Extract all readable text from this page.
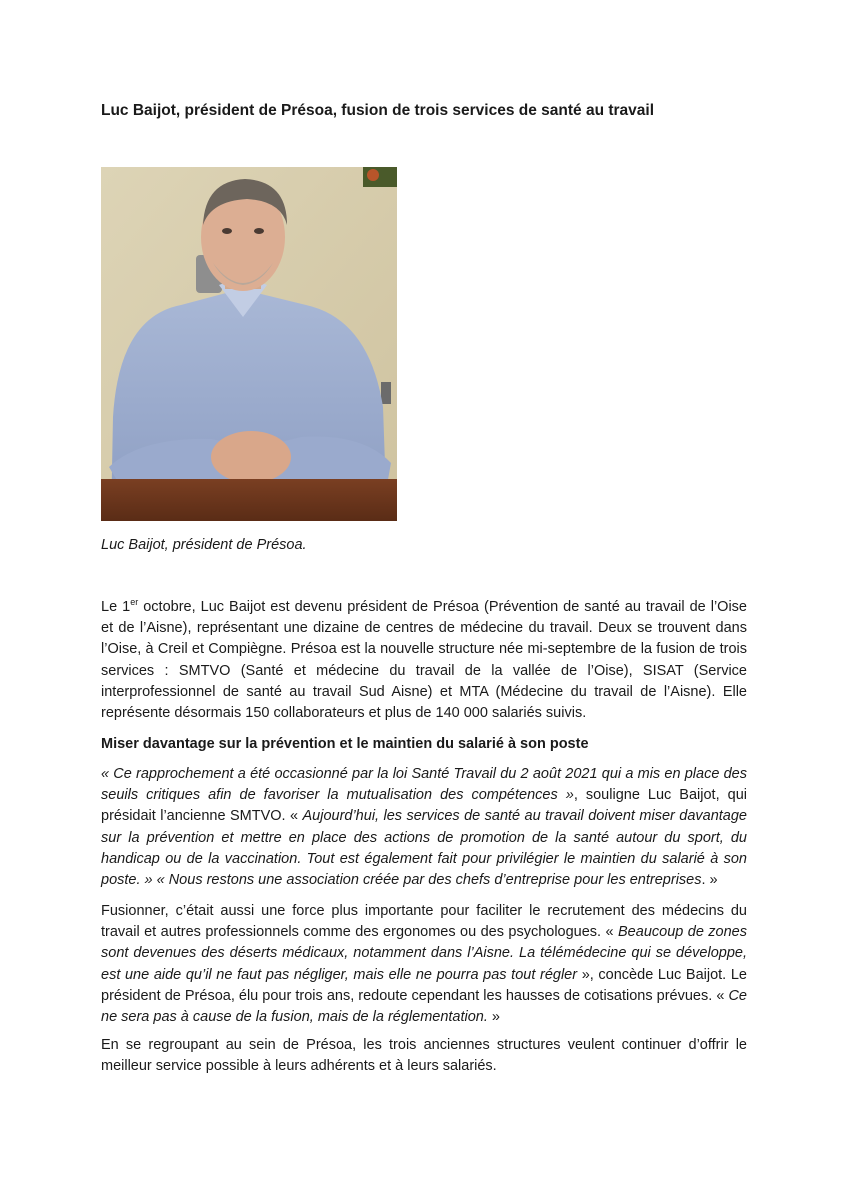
Luc Baijot, président de Présoa, fusion de trois services de santé au travail

Luc Baijot, président de Présoa.

Le 1er octobre, Luc Baijot est devenu président de Présoa (Prévention de santé au travail de l’Oise et de l’Aisne), représentant une dizaine de centres de médecine du travail. Deux se trouvent dans l’Oise, à Creil et Compiègne. Présoa est la nouvelle structure née mi-septembre de la fusion de trois services : SMTVO (Santé et médecine du travail de la vallée de l’Oise), SISAT (Service interprofessionnel de santé au travail Sud Aisne) et MTA (Médecine du travail de l’Aisne). Elle représente désormais 150 collaborateurs et plus de 140 000 salariés suivis.

Miser davantage sur la prévention et le maintien du salarié à son poste

« Ce rapprochement a été occasionné par la loi Santé Travail du 2 août 2021 qui a mis en place des seuils critiques afin de favoriser la mutualisation des compétences », souligne Luc Baijot, qui présidait l’ancienne SMTVO. « Aujourd’hui, les services de santé au travail doivent miser davantage sur la prévention et mettre en place des actions de promotion de la santé autour du sport, du handicap ou de la vaccination. Tout est également fait pour privilégier le maintien du salarié à son poste. » « Nous restons une association créée par des chefs d’entreprise pour les entreprises. »

Fusionner, c’était aussi une force plus importante pour faciliter le recrutement des médecins du travail et autres professionnels comme des ergonomes ou des psychologues. « Beaucoup de zones sont devenues des déserts médicaux, notamment dans l’Aisne. La télémédecine qui se développe, est une aide qu’il ne faut pas négliger, mais elle ne pourra pas tout régler », concède Luc Baijot. Le président de Présoa, élu pour trois ans, redoute cependant les hausses de cotisations prévues. « Ce ne sera pas à cause de la fusion, mais de la réglementation. »

En se regroupant au sein de Présoa, les trois anciennes structures veulent continuer d’offrir le meilleur service possible à leurs adhérents et à leurs salariés.
